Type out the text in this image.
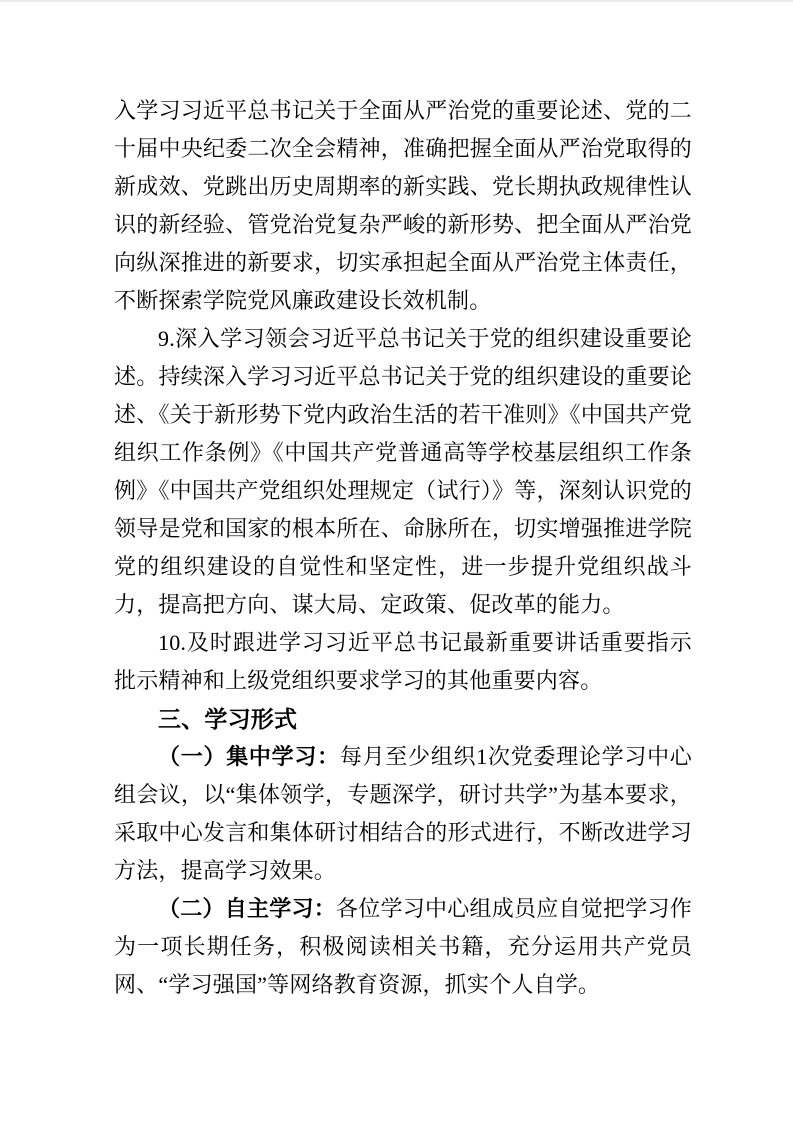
入学习习近平总书记关于全面从严治党的重要论述、党的二十届中央纪委二次全会精神，准确把握全面从严治党取得的新成效、党跳出历史周期率的新实践、党长期执政规律性认识的新经验、管党治党复杂严峻的新形势、把全面从严治党向纵深推进的新要求，切实承担起全面从严治党主体责任，不断探索学院党风廉政建设长效机制。

9.深入学习领会习近平总书记关于党的组织建设重要论述。持续深入学习习近平总书记关于党的组织建设的重要论述、《关于新形势下党内政治生活的若干准则》《中国共产党组织工作条例》《中国共产党普通高等学校基层组织工作条例》《中国共产党组织处理规定（试行）》等，深刻认识党的领导是党和国家的根本所在、命脉所在，切实增强推进学院党的组织建设的自觉性和坚定性，进一步提升党组织战斗力，提高把方向、谋大局、定政策、促改革的能力。

10.及时跟进学习习近平总书记最新重要讲话重要指示批示精神和上级党组织要求学习的其他重要内容。

三、学习形式

（一）集中学习：每月至少组织1次党委理论学习中心组会议，以“集体领学，专题深学，研讨共学”为基本要求，采取中心发言和集体研讨相结合的形式进行，不断改进学习方法，提高学习效果。

（二）自主学习：各位学习中心组成员应自觉把学习作为一项长期任务，积极阅读相关书籍，充分运用共产党员网、“学习强国”等网络教育资源，抓实个人自学。
